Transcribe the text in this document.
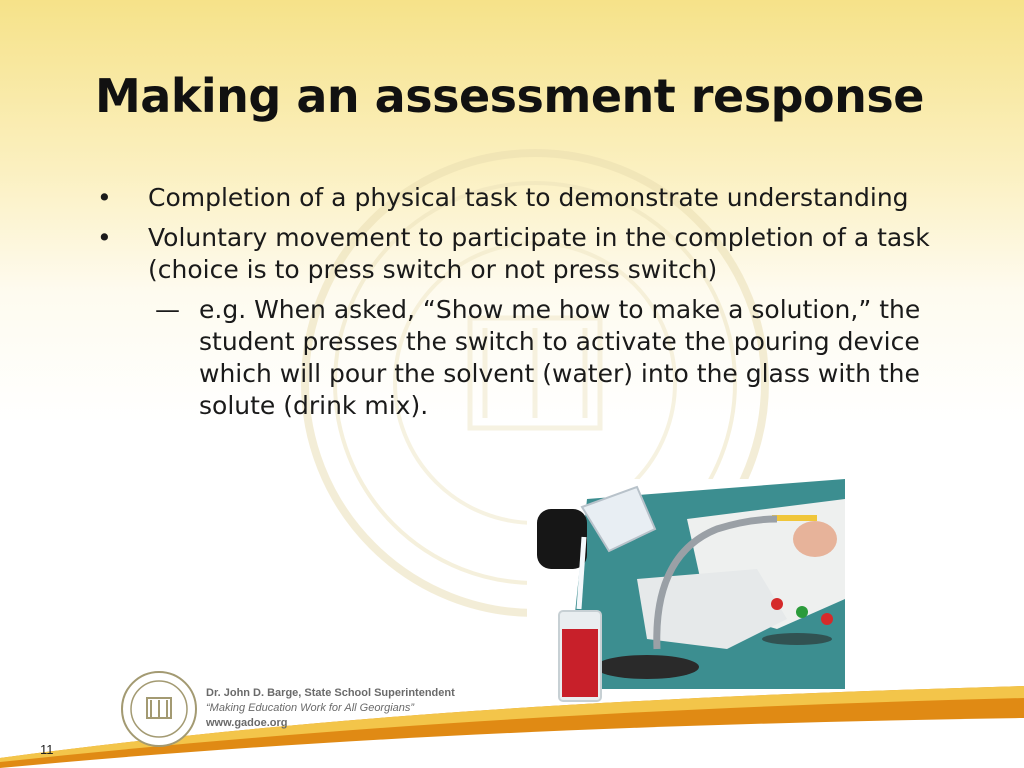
Making an assessment response
• Completion of a physical task to demonstrate understanding
• Voluntary movement to participate in the completion of a task (choice is to press switch or not press switch)
— e.g. When asked, “Show me how to make a solution,” the student presses the switch to activate the pouring device which will pour the solvent (water) into the glass with the solute (drink mix).
Dr. John D. Barge, State School Superintendent
“Making Education Work for All Georgians”
www.gadoe.org
11
